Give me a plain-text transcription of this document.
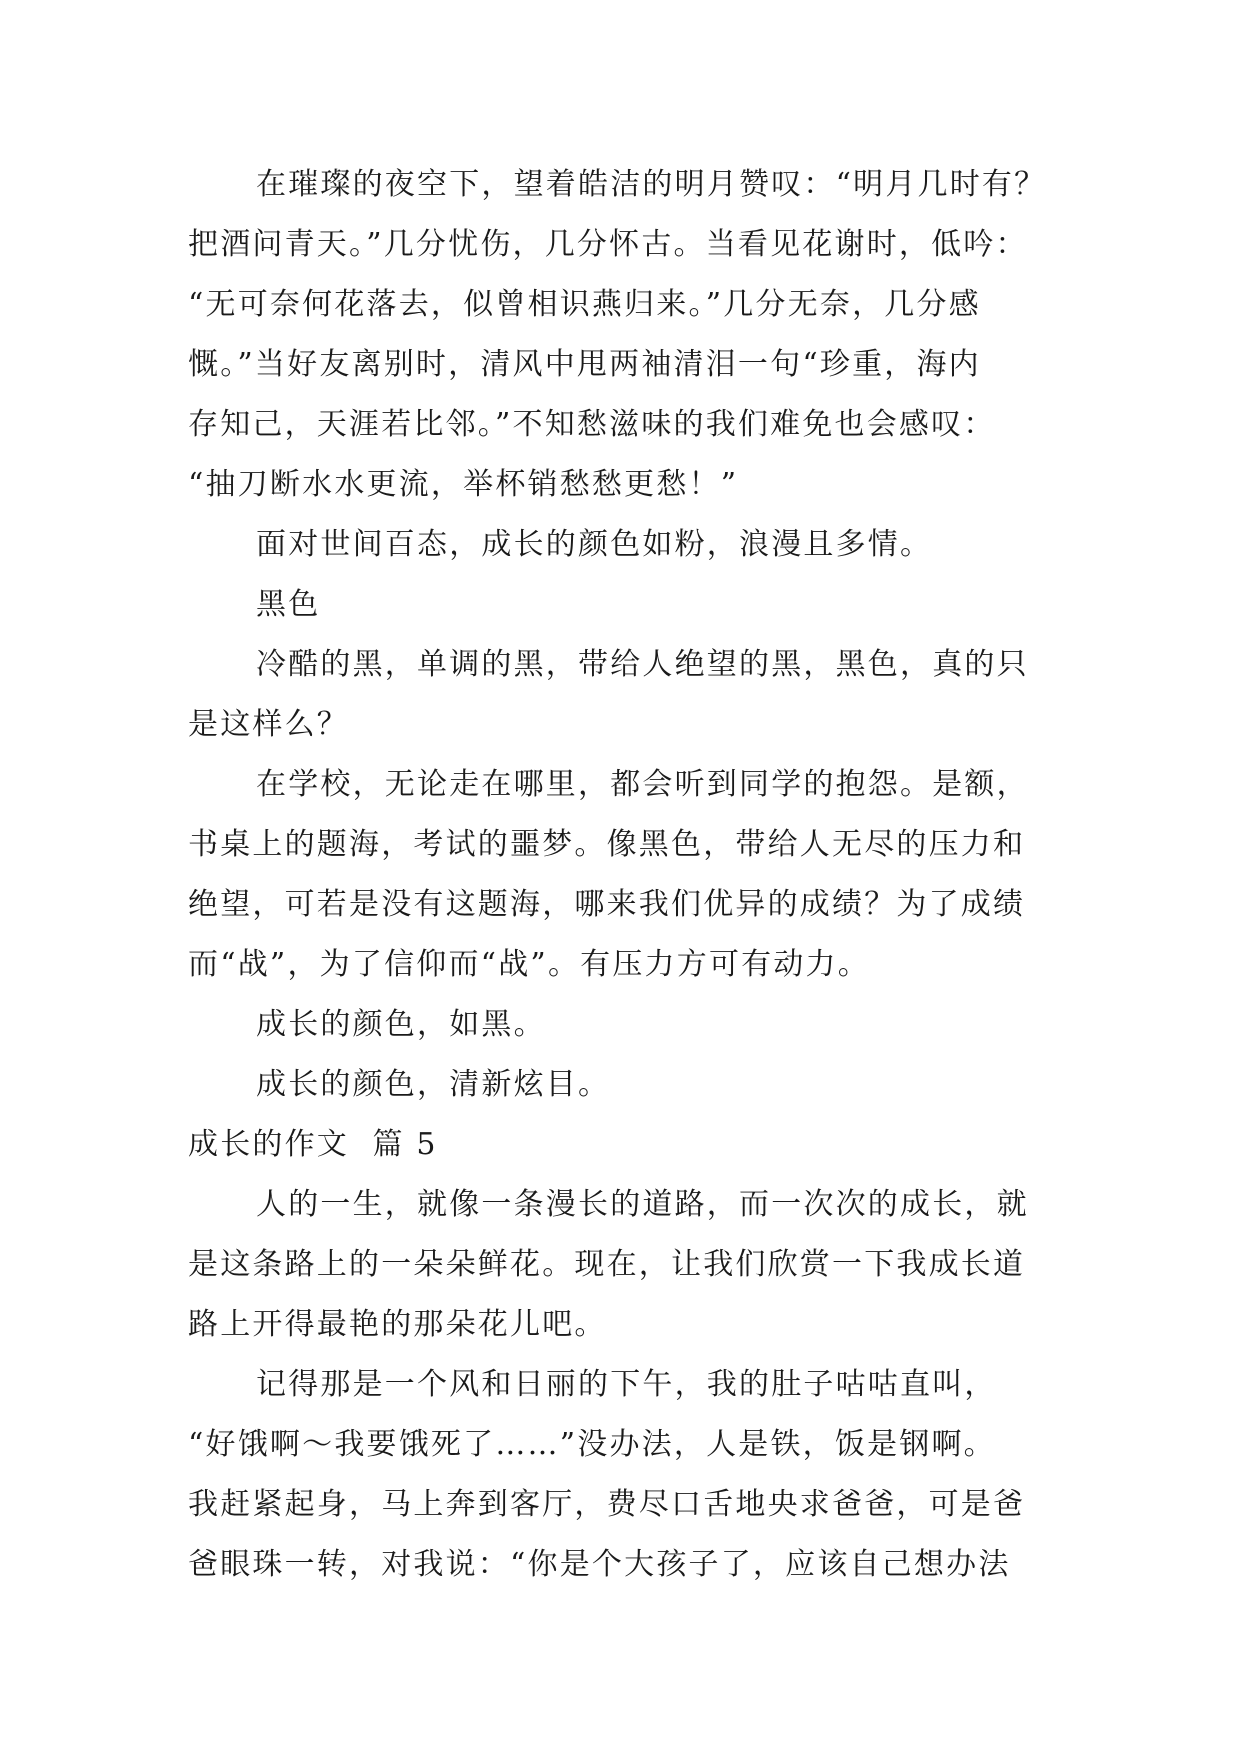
在璀璨的夜空下，望着皓洁的明月赞叹：“明月几时有？
把酒问青天。”几分忧伤，几分怀古。当看见花谢时，低吟：
“无可奈何花落去，似曾相识燕归来。”几分无奈，几分感
慨。”当好友离别时，清风中甩两袖清泪一句“珍重，海内
存知己，天涯若比邻。”不知愁滋味的我们难免也会感叹：
“抽刀断水水更流，举杯销愁愁更愁！”
面对世间百态，成长的颜色如粉，浪漫且多情。
黑色
冷酷的黑，单调的黑，带给人绝望的黑，黑色，真的只
是这样么？
在学校，无论走在哪里，都会听到同学的抱怨。是额，
书桌上的题海，考试的噩梦。像黑色，带给人无尽的压力和
绝望，可若是没有这题海，哪来我们优异的成绩？为了成绩
而“战”，为了信仰而“战”。有压力方可有动力。
成长的颜色，如黑。
成长的颜色，清新炫目。
成长的作文  篇 5
人的一生，就像一条漫长的道路，而一次次的成长，就
是这条路上的一朵朵鲜花。现在，让我们欣赏一下我成长道
路上开得最艳的那朵花儿吧。
记得那是一个风和日丽的下午，我的肚子咕咕直叫，
“好饿啊～我要饿死了……”没办法，人是铁，饭是钢啊。
我赶紧起身，马上奔到客厅，费尽口舌地央求爸爸，可是爸
爸眼珠一转，对我说：“你是个大孩子了，应该自己想办法
